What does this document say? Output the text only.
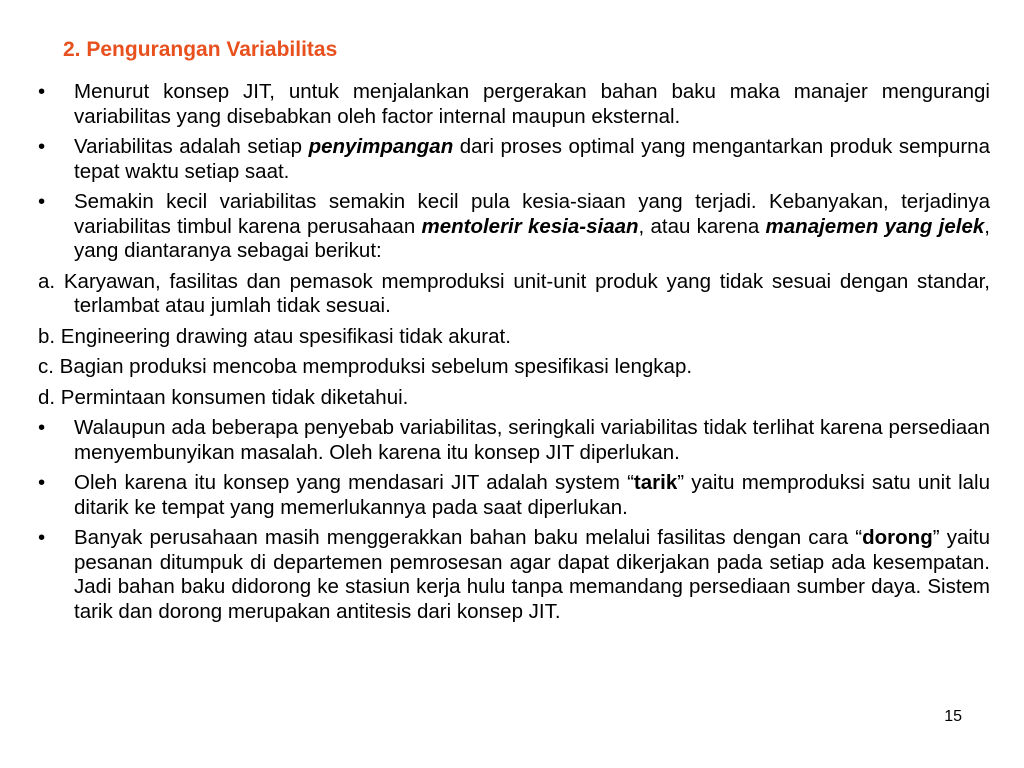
2. Pengurangan Variabilitas
•	Menurut konsep JIT, untuk menjalankan pergerakan bahan baku maka manajer mengurangi variabilitas yang disebabkan oleh factor internal maupun eksternal.
•	Variabilitas adalah setiap penyimpangan dari proses optimal yang mengantarkan produk sempurna tepat waktu setiap saat.
•	Semakin kecil variabilitas semakin kecil pula kesia-siaan yang terjadi. Kebanyakan, terjadinya variabilitas timbul karena perusahaan mentolerir kesia-siaan, atau karena manajemen yang jelek, yang diantaranya sebagai berikut:
a. Karyawan, fasilitas dan pemasok memproduksi unit-unit produk yang tidak sesuai dengan standar, terlambat atau jumlah tidak sesuai.
b. Engineering drawing atau spesifikasi tidak akurat.
c. Bagian produksi mencoba memproduksi sebelum spesifikasi lengkap.
d. Permintaan konsumen tidak diketahui.
•	Walaupun ada beberapa penyebab variabilitas, seringkali variabilitas tidak terlihat karena persediaan menyembunyikan masalah. Oleh karena itu konsep JIT diperlukan.
•	Oleh karena itu konsep yang mendasari JIT adalah system “tarik” yaitu memproduksi satu unit lalu ditarik ke tempat yang memerlukannya pada saat diperlukan.
•	Banyak perusahaan masih menggerakkan bahan baku melalui fasilitas dengan cara “dorong” yaitu pesanan ditumpuk di departemen pemrosesan agar dapat dikerjakan pada setiap ada kesempatan. Jadi bahan baku didorong ke stasiun kerja hulu tanpa memandang persediaan sumber daya. Sistem tarik dan dorong merupakan antitesis dari konsep JIT.
15
